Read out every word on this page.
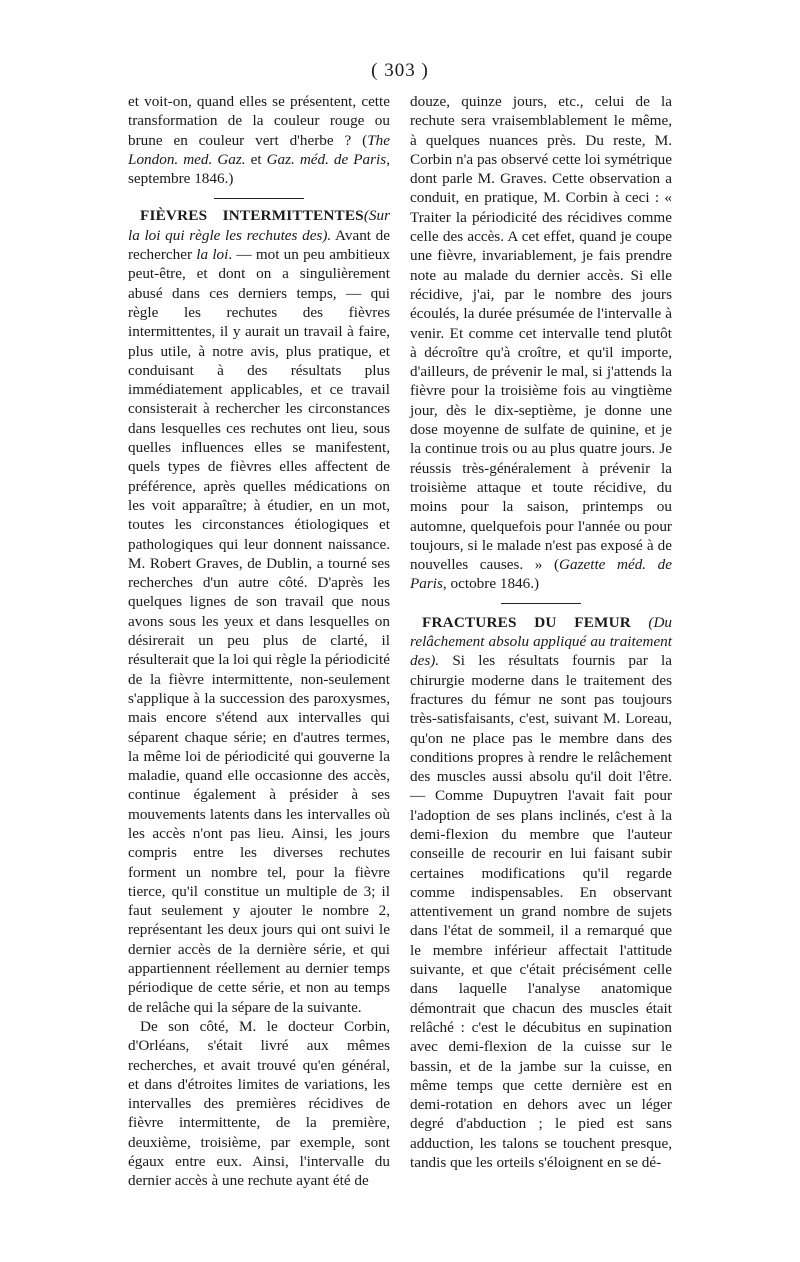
( 303 )

et voit-on, quand elles se présentent, cette transformation de la couleur rouge ou brune en couleur vert d'herbe ? (The London. med. Gaz. et Gaz. méd. de Paris, septembre 1846.)

FIÈVRES INTERMITTENTES(Sur la loi qui règle les rechutes des). Avant de rechercher la loi. — mot un peu ambitieux peut-être, et dont on a singulièrement abusé dans ces derniers temps, — qui règle les rechutes des fièvres intermittentes, il y aurait un travail à faire, plus utile, à notre avis, plus pratique, et conduisant à des résultats plus immédiatement applicables, et ce travail consisterait à rechercher les circonstances dans lesquelles ces rechutes ont lieu, sous quelles influences elles se manifestent, quels types de fièvres elles affectent de préférence, après quelles médications on les voit apparaître; à étudier, en un mot, toutes les circonstances étiologiques et pathologiques qui leur donnent naissance. M. Robert Graves, de Dublin, a tourné ses recherches d'un autre côté. D'après les quelques lignes de son travail que nous avons sous les yeux et dans lesquelles on désirerait un peu plus de clarté, il résulterait que la loi qui règle la périodicité de la fièvre intermittente, non-seulement s'applique à la succession des paroxysmes, mais encore s'étend aux intervalles qui séparent chaque série; en d'autres termes, la même loi de périodicité qui gouverne la maladie, quand elle occasionne des accès, continue également à présider à ses mouvements latents dans les intervalles où les accès n'ont pas lieu. Ainsi, les jours compris entre les diverses rechutes forment un nombre tel, pour la fièvre tierce, qu'il constitue un multiple de 3; il faut seulement y ajouter le nombre 2, représentant les deux jours qui ont suivi le dernier accès de la dernière série, et qui appartiennent réellement au dernier temps périodique de cette série, et non au temps de relâche qui la sépare de la suivante.

De son côté, M. le docteur Corbin, d'Orléans, s'était livré aux mêmes recherches, et avait trouvé qu'en général, et dans d'étroites limites de variations, les intervalles des premières récidives de fièvre intermittente, de la première, deuxième, troisième, par exemple, sont égaux entre eux. Ainsi, l'intervalle du dernier accès à une rechute ayant été de

douze, quinze jours, etc., celui de la rechute sera vraisemblablement le même, à quelques nuances près. Du reste, M. Corbin n'a pas observé cette loi symétrique dont parle M. Graves. Cette observation a conduit, en pratique, M. Corbin à ceci : « Traiter la périodicité des récidives comme celle des accès. A cet effet, quand je coupe une fièvre, invariablement, je fais prendre note au malade du dernier accès. Si elle récidive, j'ai, par le nombre des jours écoulés, la durée présumée de l'intervalle à venir. Et comme cet intervalle tend plutôt à décroître qu'à croître, et qu'il importe, d'ailleurs, de prévenir le mal, si j'attends la fièvre pour la troisième fois au vingtième jour, dès le dix-septième, je donne une dose moyenne de sulfate de quinine, et je la continue trois ou au plus quatre jours. Je réussis très-généralement à prévenir la troisième attaque et toute récidive, du moins pour la saison, printemps ou automne, quelquefois pour l'année ou pour toujours, si le malade n'est pas exposé à de nouvelles causes. » (Gazette méd. de Paris, octobre 1846.)

FRACTURES DU FEMUR (Du relâchement absolu appliqué au traitement des). Si les résultats fournis par la chirurgie moderne dans le traitement des fractures du fémur ne sont pas toujours très-satisfaisants, c'est, suivant M. Loreau, qu'on ne place pas le membre dans des conditions propres à rendre le relâchement des muscles aussi absolu qu'il doit l'être. — Comme Dupuytren l'avait fait pour l'adoption de ses plans inclinés, c'est à la demi-flexion du membre que l'auteur conseille de recourir en lui faisant subir certaines modifications qu'il regarde comme indispensables. En observant attentivement un grand nombre de sujets dans l'état de sommeil, il a remarqué que le membre inférieur affectait l'attitude suivante, et que c'était précisément celle dans laquelle l'analyse anatomique démontrait que chacun des muscles était relâché : c'est le décubitus en supination avec demi-flexion de la cuisse sur le bassin, et de la jambe sur la cuisse, en même temps que cette dernière est en demi-rotation en dehors avec un léger degré d'abduction ; le pied est sans adduction, les talons se touchent presque, tandis que les orteils s'éloignent en se dé-
